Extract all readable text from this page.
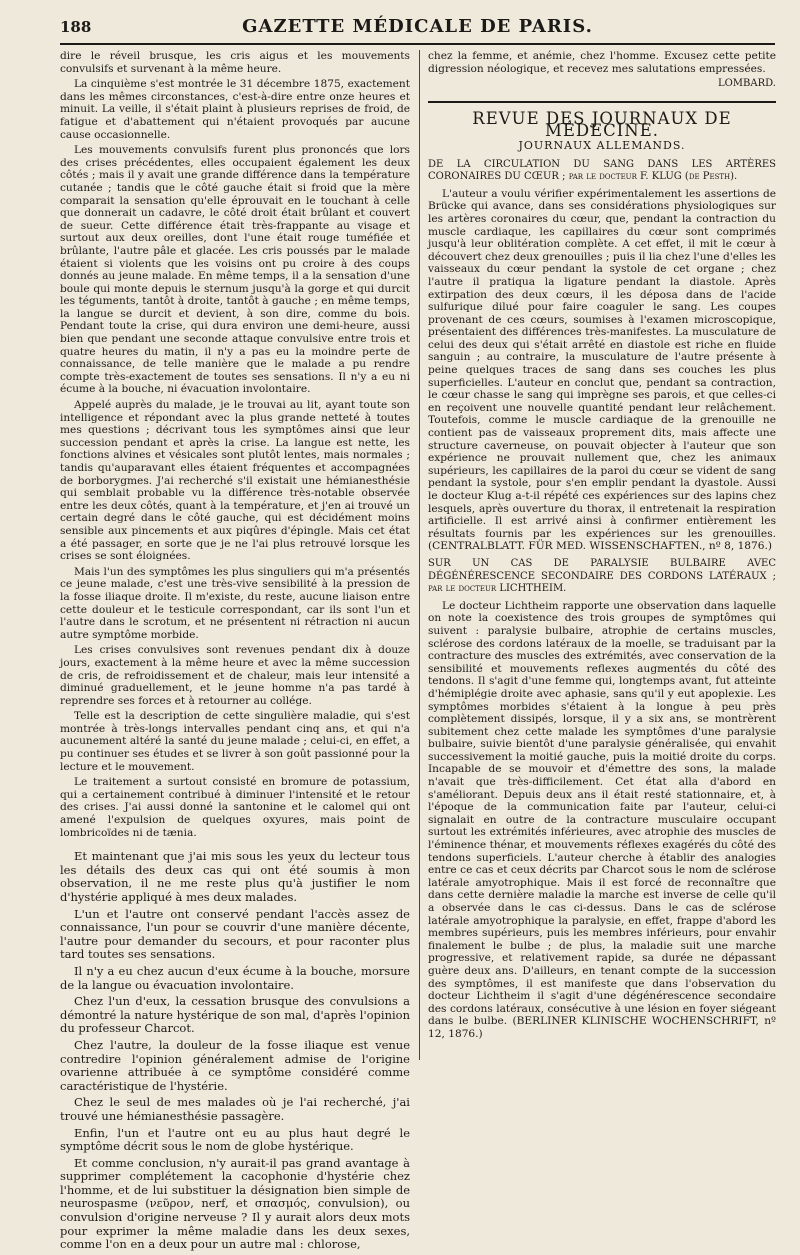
188	GAZETTE MÉDICALE DE PARIS.

dire le réveil brusque, les cris aigus et les mouvements convulsifs et survenant à la même heure.

La cinquième s'est montrée le 31 décembre 1875, exactement dans les mêmes circonstances, c'est-à-dire entre onze heures et minuit. La veille, il s'était plaint à plusieurs reprises de froid, de fatigue et d'abattement qui n'étaient provoqués par aucune cause occasionnelle.

Les mouvements convulsifs furent plus prononcés que lors des crises précédentes, elles occupaient également les deux côtés ; mais il y avait une grande différence dans la température cutanée ; tandis que le côté gauche était si froid que la mère comparait la sensation qu'elle éprouvait en le touchant à celle que donnerait un cadavre, le côté droit était brûlant et couvert de sueur. Cette différence était très-frappante au visage et surtout aux deux oreilles, dont l'une était rouge tuméfiée et brûlante, l'autre pâle et glacée. Les cris poussés par le malade étaient si violents que les voisins ont pu croire à des coups donnés au jeune malade. En même temps, il a la sensation d'une boule qui monte depuis le sternum jusqu'à la gorge et qui durcit les téguments, tantôt à droite, tantôt à gauche ; en même temps, la langue se durcit et devient, à son dire, comme du bois. Pendant toute la crise, qui dura environ une demi-heure, aussi bien que pendant une seconde attaque convulsive entre trois et quatre heures du matin, il n'y a pas eu la moindre perte de connaissance, de telle manière que le malade a pu rendre compte très-exactement de toutes ses sensations. Il n'y a eu ni écume à la bouche, ni évacuation involontaire.

Appelé auprès du malade, je le trouvai au lit, ayant toute son intelligence et répondant avec la plus grande netteté à toutes mes questions ; décrivant tous les symptômes ainsi que leur succession pendant et après la crise. La langue est nette, les fonctions alvines et vésicales sont plutôt lentes, mais normales ; tandis qu'auparavant elles étaient fréquentes et accompagnées de borborygmes. J'ai recherché s'il existait une hémianesthésie qui semblait probable vu la différence très-notable observée entre les deux côtés, quant à la température, et j'en ai trouvé un certain degré dans le côté gauche, qui est décidément moins sensible aux pincements et aux piqûres d'épingle. Mais cet état a été passager, en sorte que je ne l'ai plus retrouvé lorsque les crises se sont éloignées.

Mais l'un des symptômes les plus singuliers qui m'a présentés ce jeune malade, c'est une très-vive sensibilité à la pression de la fosse iliaque droite. Il m'existe, du reste, aucune liaison entre cette douleur et le testicule correspondant, car ils sont l'un et l'autre dans le scrotum, et ne présentent ni rétraction ni aucun autre symptôme morbide.

Les crises convulsives sont revenues pendant dix à douze jours, exactement à la même heure et avec la même succession de cris, de refroidissement et de chaleur, mais leur intensité a diminué graduellement, et le jeune homme n'a pas tardé à reprendre ses forces et à retourner au collége.

Telle est la description de cette singulière maladie, qui s'est montrée à très-longs intervalles pendant cinq ans, et qui n'a aucunement altéré la santé du jeune malade ; celui-ci, en effet, a pu continuer ses études et se livrer à son goût passionné pour la lecture et le mouvement.

Le traitement a surtout consisté en bromure de potassium, qui a certainement contribué à diminuer l'intensité et le retour des crises. J'ai aussi donné la santonine et le calomel qui ont amené l'expulsion de quelques oxyures, mais point de lombricoïdes ni de tænia.

Et maintenant que j'ai mis sous les yeux du lecteur tous les détails des deux cas qui ont été soumis à mon observation, il ne me reste plus qu'à justifier le nom d'hystérie appliqué à mes deux malades.

L'un et l'autre ont conservé pendant l'accès assez de connaissance, l'un pour se couvrir d'une manière décente, l'autre pour demander du secours, et pour raconter plus tard toutes ses sensations.

Il n'y a eu chez aucun d'eux écume à la bouche, morsure de la langue ou évacuation involontaire.

Chez l'un d'eux, la cessation brusque des convulsions a démontré la nature hystérique de son mal, d'après l'opinion du professeur Charcot.

Chez l'autre, la douleur de la fosse iliaque est venue contredire l'opinion généralement admise de l'origine ovarienne attribuée à ce symptôme considéré comme caractéristique de l'hystérie.

Chez le seul de mes malades où je l'ai recherché, j'ai trouvé une hémianesthésie passagère.

Enfin, l'un et l'autre ont eu au plus haut degré le symptôme décrit sous le nom de globe hystérique.

Et comme conclusion, n'y aurait-il pas grand avantage à supprimer complétement la cacophonie d'hystérie chez l'homme, et de lui substituer la désignation bien simple de neurospasme (νεῦρον, nerf, et σπασμός, convulsion), ou convulsion d'origine nerveuse ? Il y aurait alors deux mots pour exprimer la même maladie dans les deux sexes, comme l'on en a deux pour un autre mal : chlorose,

chez la femme, et anémie, chez l'homme. Excusez cette petite digression néologique, et recevez mes salutations empressées.

LOMBARD.
REVUE DES JOURNAUX DE MÉDECINE.
JOURNAUX ALLEMANDS.

DE LA CIRCULATION DU SANG DANS LES ARTÈRES CORONAIRES DU CŒUR ; par le docteur F. KLUG (de Pesth).

L'auteur a voulu vérifier expérimentalement les assertions de Brücke qui avance, dans ses considérations physiologiques sur les artères coronaires du cœur, que, pendant la contraction du muscle cardiaque, les capillaires du cœur sont comprimés jusqu'à leur oblitération complète. A cet effet, il mit le cœur à découvert chez deux grenouilles ; puis il lia chez l'une d'elles les vaisseaux du cœur pendant la systole de cet organe ; chez l'autre il pratiqua la ligature pendant la diastole. Après extirpation des deux cœurs, il les déposa dans de l'acide sulfurique dilué pour faire coaguler le sang. Les coupes provenant de ces cœurs, soumises à l'examen microscopique, présentaient des différences très-manifestes. La musculature de celui des deux qui s'était arrêté en diastole est riche en fluide sanguin ; au contraire, la musculature de l'autre présente à peine quelques traces de sang dans ses couches les plus superficielles. L'auteur en conclut que, pendant sa contraction, le cœur chasse le sang qui imprègne ses parois, et que celles-ci en reçoivent une nouvelle quantité pendant leur relâchement. Toutefois, comme le muscle cardiaque de la grenouille ne contient pas de vaisseaux proprement dits, mais affecte une structure caverneuse, on pouvait objecter à l'auteur que son expérience ne prouvait nullement que, chez les animaux supérieurs, les capillaires de la paroi du cœur se vident de sang pendant la systole, pour s'en emplir pendant la dyastole. Aussi le docteur Klug a-t-il répété ces expériences sur des lapins chez lesquels, après ouverture du thorax, il entretenait la respiration artificielle. Il est arrivé ainsi à confirmer entièrement les résultats fournis par les expériences sur les grenouilles. (CENTRALBLATT. FÜR MED. WISSENSCHAFTEN., nº 8, 1876.)

SUR UN CAS DE PARALYSIE BULBAIRE AVEC DÉGÉNÉRESCENCE SECONDAIRE DES CORDONS LATÉRAUX ; par le docteur LICHTHEIM.

Le docteur Lichtheim rapporte une observation dans laquelle on note la coexistence des trois groupes de symptômes qui suivent : paralysie bulbaire, atrophie de certains muscles, sclérose des cordons latéraux de la moelle, se traduisant par la contracture des muscles des extrémités, avec conservation de la sensibilité et mouvements reflexes augmentés du côté des tendons. Il s'agit d'une femme qui, longtemps avant, fut atteinte d'hémiplégie droite avec aphasie, sans qu'il y eut apoplexie. Les symptômes morbides s'étaient à la longue à peu près complètement dissipés, lorsque, il y a six ans, se montrèrent subitement chez cette malade les symptômes d'une paralysie bulbaire, suivie bientôt d'une paralysie généralisée, qui envahit successivement la moitié gauche, puis la moitié droite du corps. Incapable de se mouvoir et d'émettre des sons, la malade n'avait que très-difficilement. Cet état alla d'abord en s'améliorant. Depuis deux ans il était resté stationnaire, et, à l'époque de la communication faite par l'auteur, celui-ci signalait en outre de la contracture musculaire occupant surtout les extrémités inférieures, avec atrophie des muscles de l'éminence thénar, et mouvements réflexes exagérés du côté des tendons superficiels. L'auteur cherche à établir des analogies entre ce cas et ceux décrits par Charcot sous le nom de sclérose latérale amyotrophique. Mais il est forcé de reconnaître que dans cette dernière maladie la marche est inverse de celle qu'il a observée dans le cas ci-dessus. Dans le cas de sclérose latérale amyotrophique la paralysie, en effet, frappe d'abord les membres supérieurs, puis les membres inférieurs, pour envahir finalement le bulbe ; de plus, la maladie suit une marche progressive, et relativement rapide, sa durée ne dépassant guère deux ans. D'ailleurs, en tenant compte de la succession des symptômes, il est manifeste que dans l'observation du docteur Lichtheim il s'agit d'une dégénérescence secondaire des cordons latéraux, consécutive à une lésion en foyer siégeant dans le bulbe. (BERLINER KLINISCHE WOCHENSCHRIFT, nº 12, 1876.)
